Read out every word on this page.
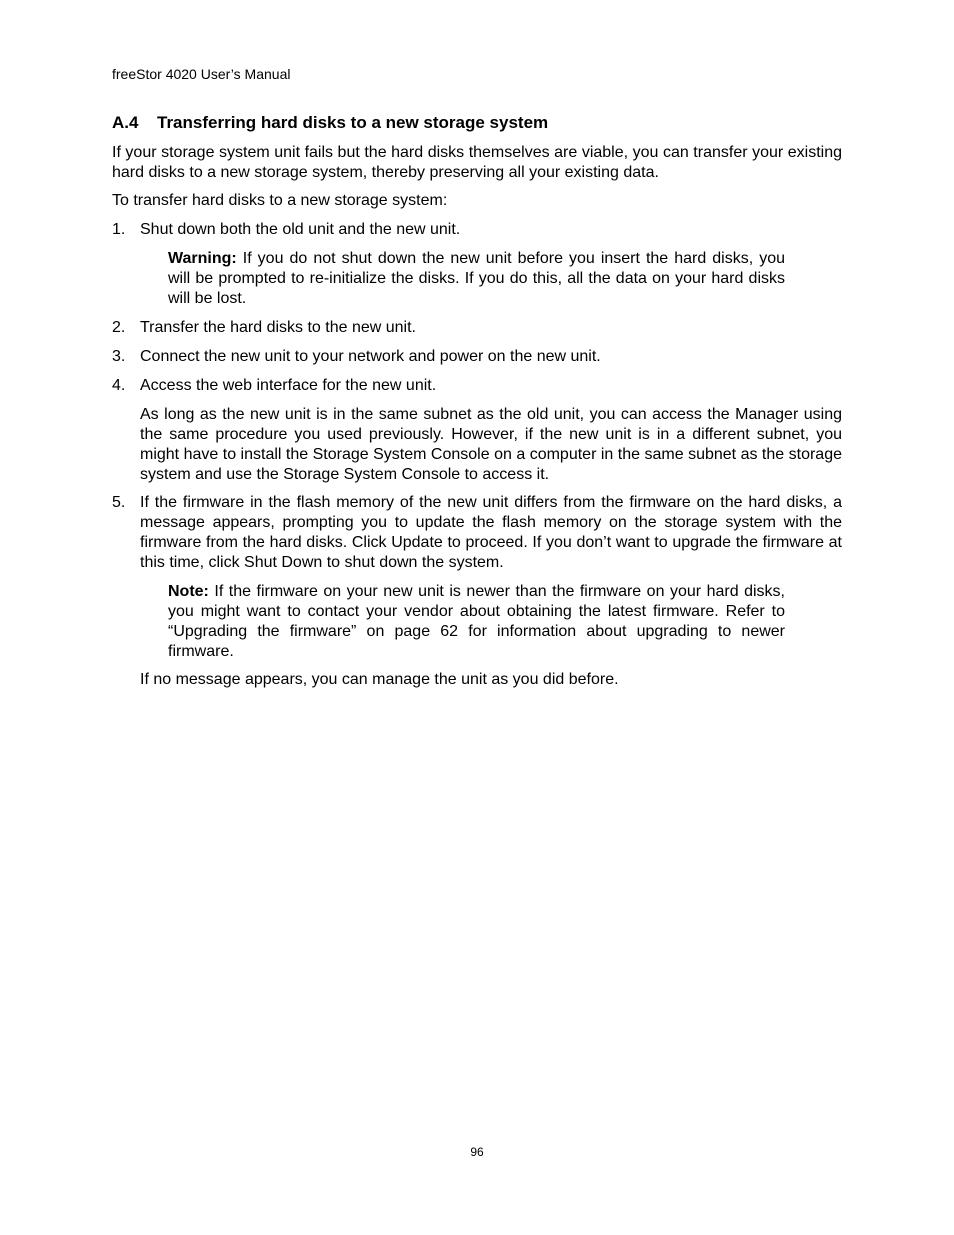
freeStor 4020 User’s Manual
A.4 Transferring hard disks to a new storage system
If your storage system unit fails but the hard disks themselves are viable, you can transfer your existing hard disks to a new storage system, thereby preserving all your existing data.
To transfer hard disks to a new storage system:
1. Shut down both the old unit and the new unit.
Warning: If you do not shut down the new unit before you insert the hard disks, you will be prompted to re-initialize the disks. If you do this, all the data on your hard disks will be lost.
2. Transfer the hard disks to the new unit.
3. Connect the new unit to your network and power on the new unit.
4. Access the web interface for the new unit.
As long as the new unit is in the same subnet as the old unit, you can access the Manager using the same procedure you used previously. However, if the new unit is in a different subnet, you might have to install the Storage System Console on a computer in the same subnet as the storage system and use the Storage System Console to access it.
5. If the firmware in the flash memory of the new unit differs from the firmware on the hard disks, a message appears, prompting you to update the flash memory on the storage system with the firmware from the hard disks. Click Update to proceed. If you don’t want to upgrade the firmware at this time, click Shut Down to shut down the system.
Note: If the firmware on your new unit is newer than the firmware on your hard disks, you might want to contact your vendor about obtaining the latest firmware. Refer to “Upgrading the firmware” on page 62 for information about upgrading to newer firmware.
If no message appears, you can manage the unit as you did before.
96
